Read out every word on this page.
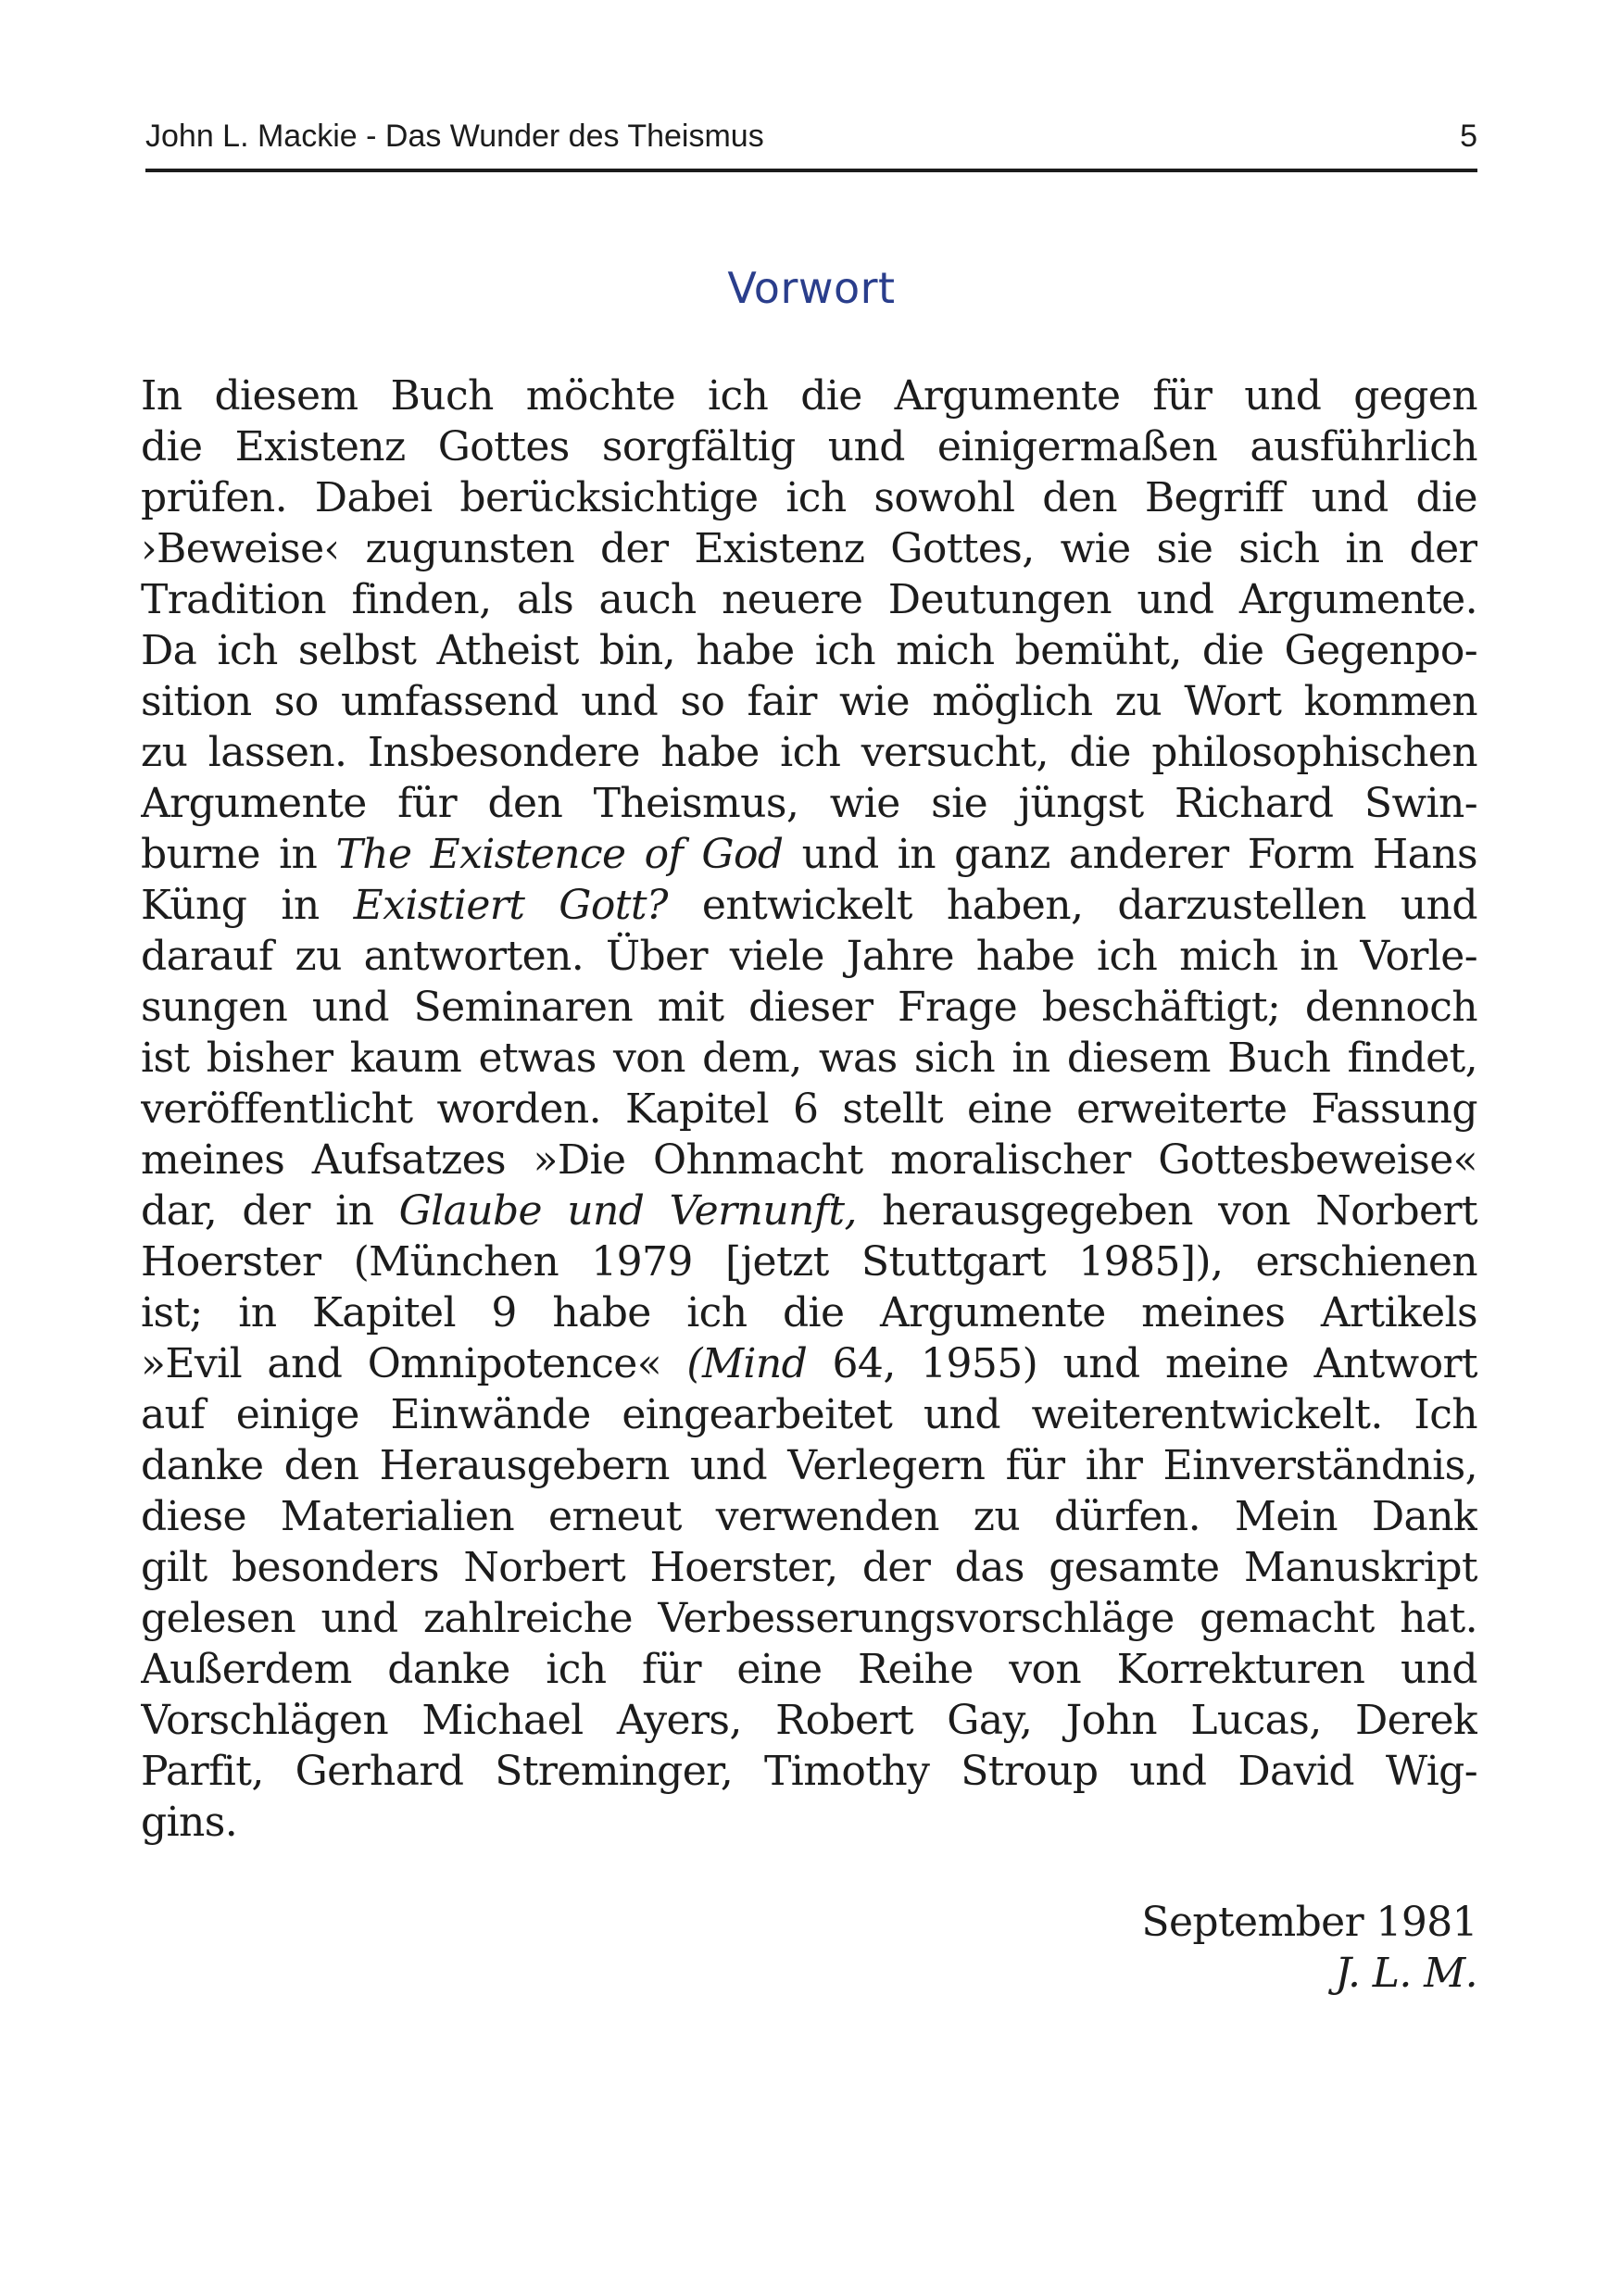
John L. Mackie - Das Wunder des Theismus	5
Vorwort
In diesem Buch möchte ich die Argumente für und gegen
die Existenz Gottes sorgfältig und einigermaßen ausführlich
prüfen. Dabei berücksichtige ich sowohl den Begriff und die
›Beweise‹ zugunsten der Existenz Gottes, wie sie sich in der
Tradition finden, als auch neuere Deutungen und Argumente.
Da ich selbst Atheist bin, habe ich mich bemüht, die Gegenpo-
sition so umfassend und so fair wie möglich zu Wort kommen
zu lassen. Insbesondere habe ich versucht, die philosophischen
Argumente für den Theismus, wie sie jüngst Richard Swin-
burne in The Existence of God und in ganz anderer Form Hans
Küng in Existiert Gott? entwickelt haben, darzustellen und
darauf zu antworten. Über viele Jahre habe ich mich in Vorle-
sungen und Seminaren mit dieser Frage beschäftigt; dennoch
ist bisher kaum etwas von dem, was sich in diesem Buch findet,
veröffentlicht worden. Kapitel 6 stellt eine erweiterte Fassung
meines Aufsatzes »Die Ohnmacht moralischer Gottesbeweise«
dar, der in Glaube und Vernunft, herausgegeben von Norbert
Hoerster (München 1979 [jetzt Stuttgart 1985]), erschienen
ist; in Kapitel 9 habe ich die Argumente meines Artikels
»Evil and Omnipotence« (Mind 64, 1955) und meine Antwort
auf einige Einwände eingearbeitet und weiterentwickelt. Ich
danke den Herausgebern und Verlegern für ihr Einverständnis,
diese Materialien erneut verwenden zu dürfen. Mein Dank
gilt besonders Norbert Hoerster, der das gesamte Manuskript
gelesen und zahlreiche Verbesserungsvorschläge gemacht hat.
Außerdem danke ich für eine Reihe von Korrekturen und
Vorschlägen Michael Ayers, Robert Gay, John Lucas, Derek
Parfit, Gerhard Streminger, Timothy Stroup und David Wig-
gins.
September 1981
J. L. M.
